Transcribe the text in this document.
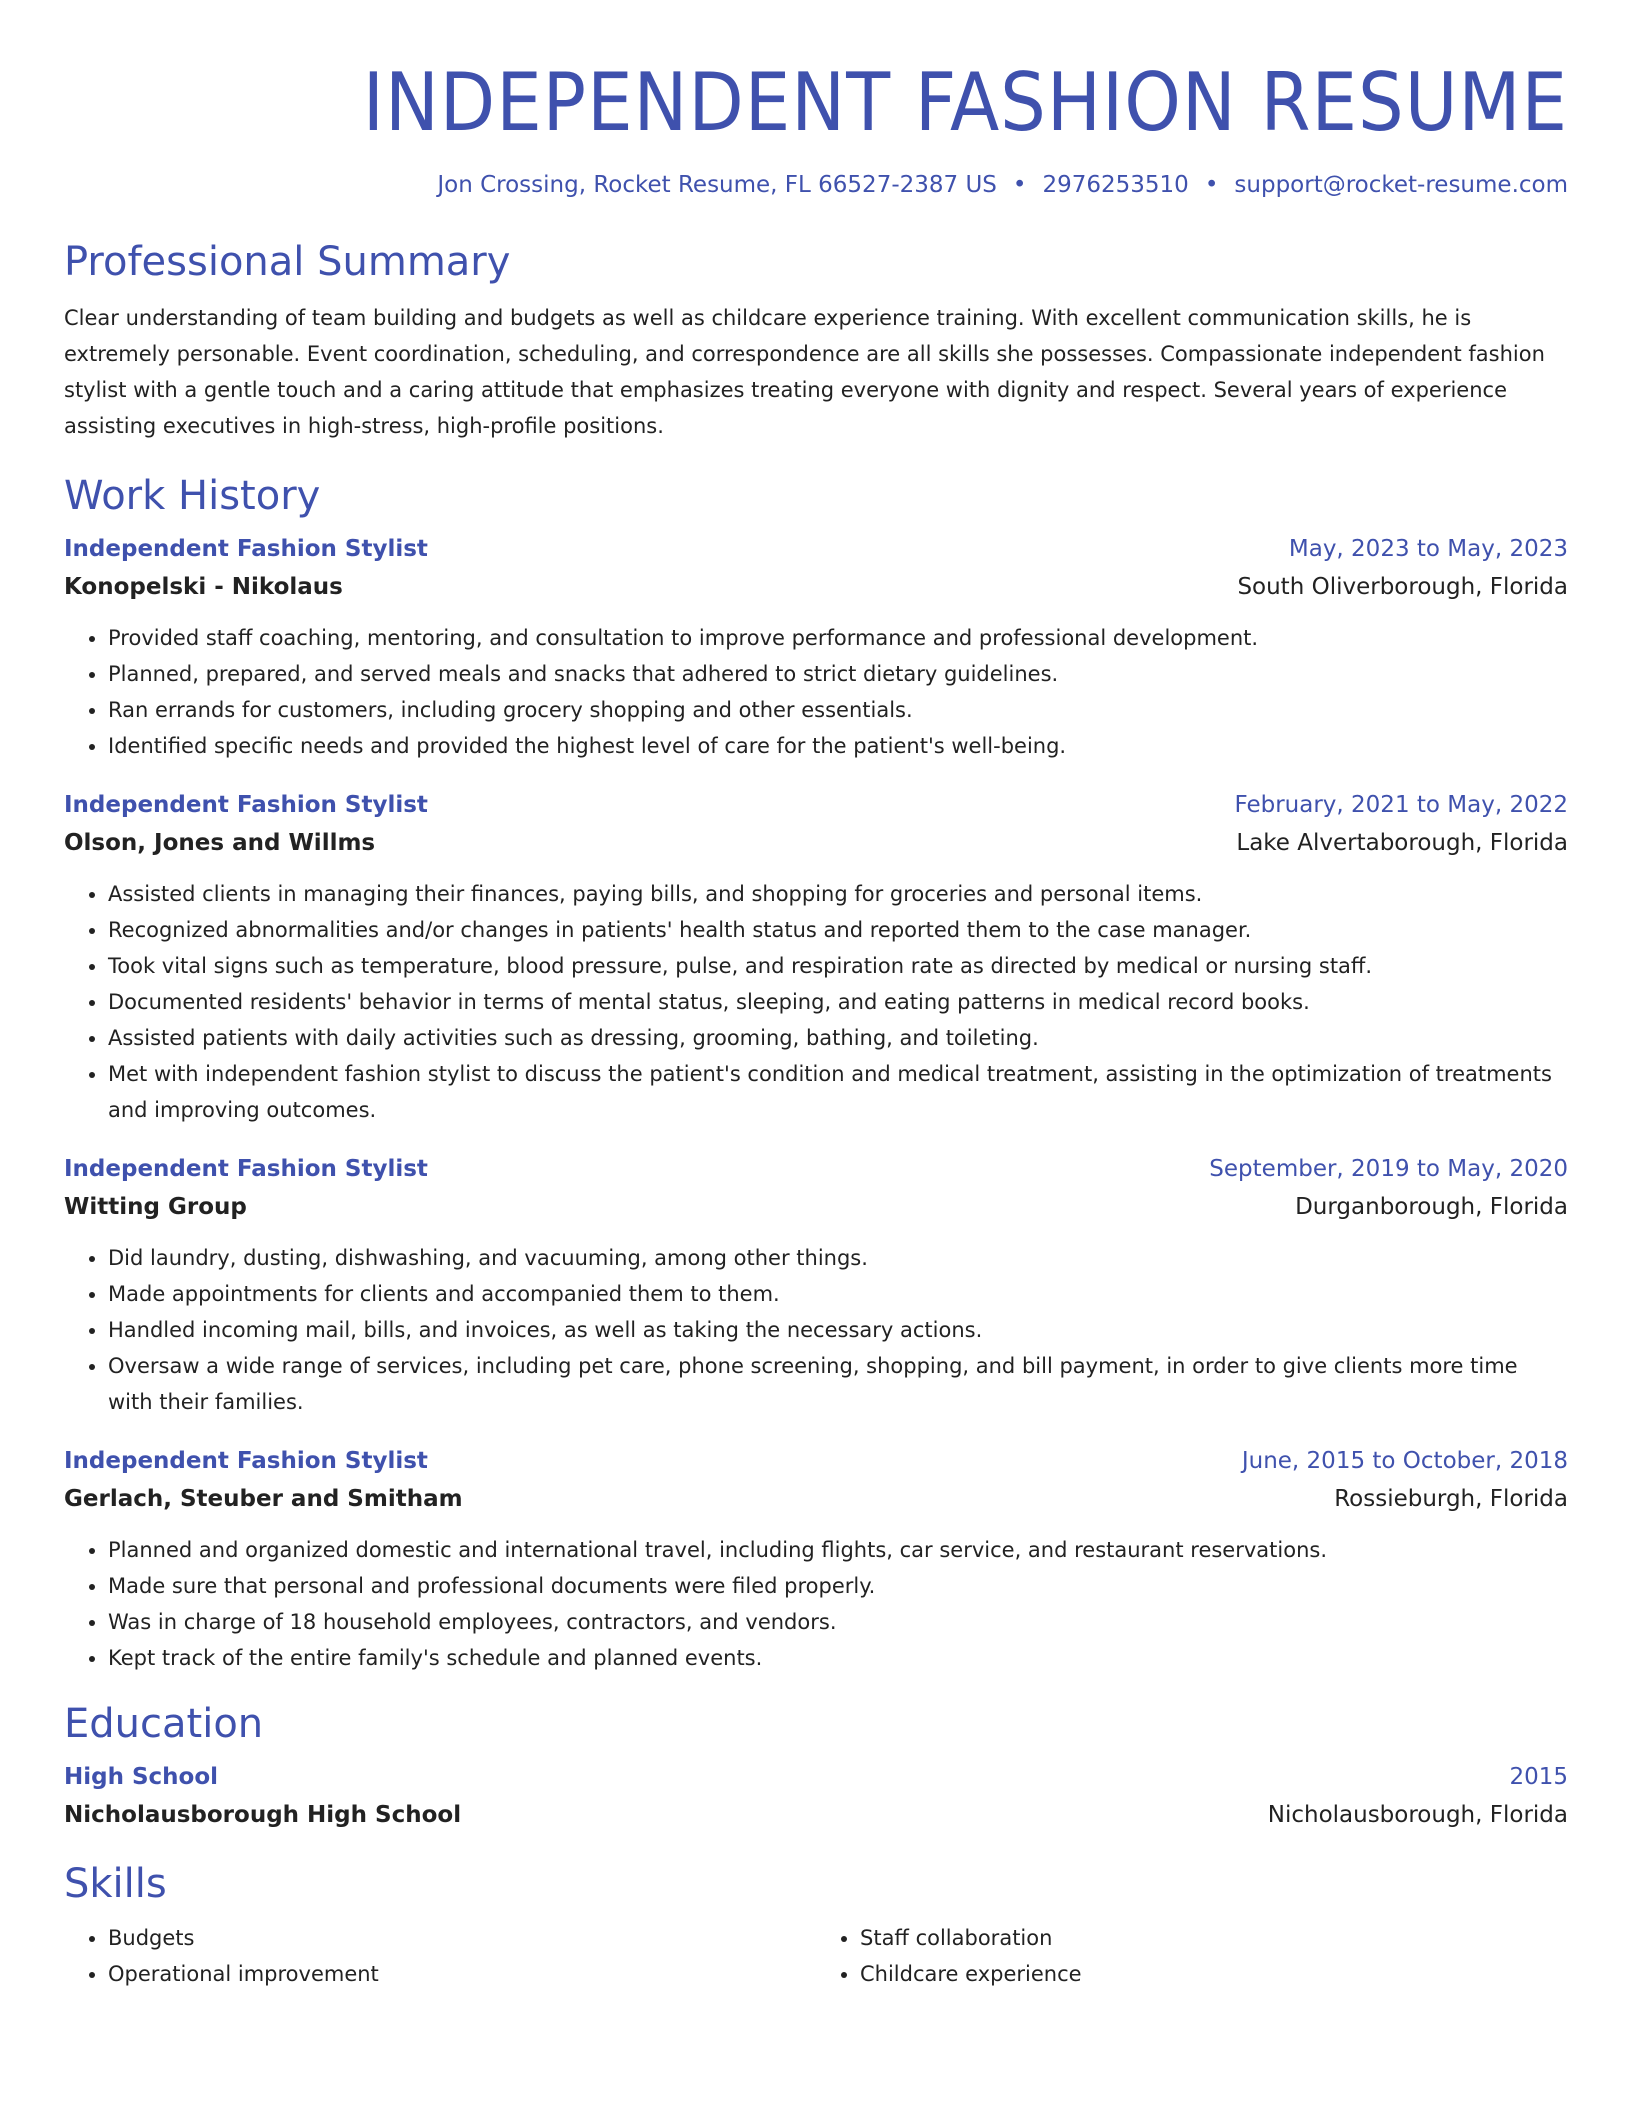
INDEPENDENT FASHION RESUME
Jon Crossing, Rocket Resume, FL 66527-2387 US • 2976253510 • support@rocket-resume.com
Professional Summary
Clear understanding of team building and budgets as well as childcare experience training. With excellent communication skills, he is extremely personable. Event coordination, scheduling, and correspondence are all skills she possesses. Compassionate independent fashion stylist with a gentle touch and a caring attitude that emphasizes treating everyone with dignity and respect. Several years of experience assisting executives in high-stress, high-profile positions.
Work History
Independent Fashion Stylist	May, 2023 to May, 2023
Konopelski - Nikolaus	South Oliverborough, Florida
• Provided staff coaching, mentoring, and consultation to improve performance and professional development.
• Planned, prepared, and served meals and snacks that adhered to strict dietary guidelines.
• Ran errands for customers, including grocery shopping and other essentials.
• Identified specific needs and provided the highest level of care for the patient's well-being.
Independent Fashion Stylist	February, 2021 to May, 2022
Olson, Jones and Willms	Lake Alvertaborough, Florida
• Assisted clients in managing their finances, paying bills, and shopping for groceries and personal items.
• Recognized abnormalities and/or changes in patients' health status and reported them to the case manager.
• Took vital signs such as temperature, blood pressure, pulse, and respiration rate as directed by medical or nursing staff.
• Documented residents' behavior in terms of mental status, sleeping, and eating patterns in medical record books.
• Assisted patients with daily activities such as dressing, grooming, bathing, and toileting.
• Met with independent fashion stylist to discuss the patient's condition and medical treatment, assisting in the optimization of treatments and improving outcomes.
Independent Fashion Stylist	September, 2019 to May, 2020
Witting Group	Durganborough, Florida
• Did laundry, dusting, dishwashing, and vacuuming, among other things.
• Made appointments for clients and accompanied them to them.
• Handled incoming mail, bills, and invoices, as well as taking the necessary actions.
• Oversaw a wide range of services, including pet care, phone screening, shopping, and bill payment, in order to give clients more time with their families.
Independent Fashion Stylist	June, 2015 to October, 2018
Gerlach, Steuber and Smitham	Rossieburgh, Florida
• Planned and organized domestic and international travel, including flights, car service, and restaurant reservations.
• Made sure that personal and professional documents were filed properly.
• Was in charge of 18 household employees, contractors, and vendors.
• Kept track of the entire family's schedule and planned events.
Education
High School	2015
Nicholausborough High School	Nicholausborough, Florida
Skills
• Budgets
• Operational improvement
• Staff collaboration
• Childcare experience
